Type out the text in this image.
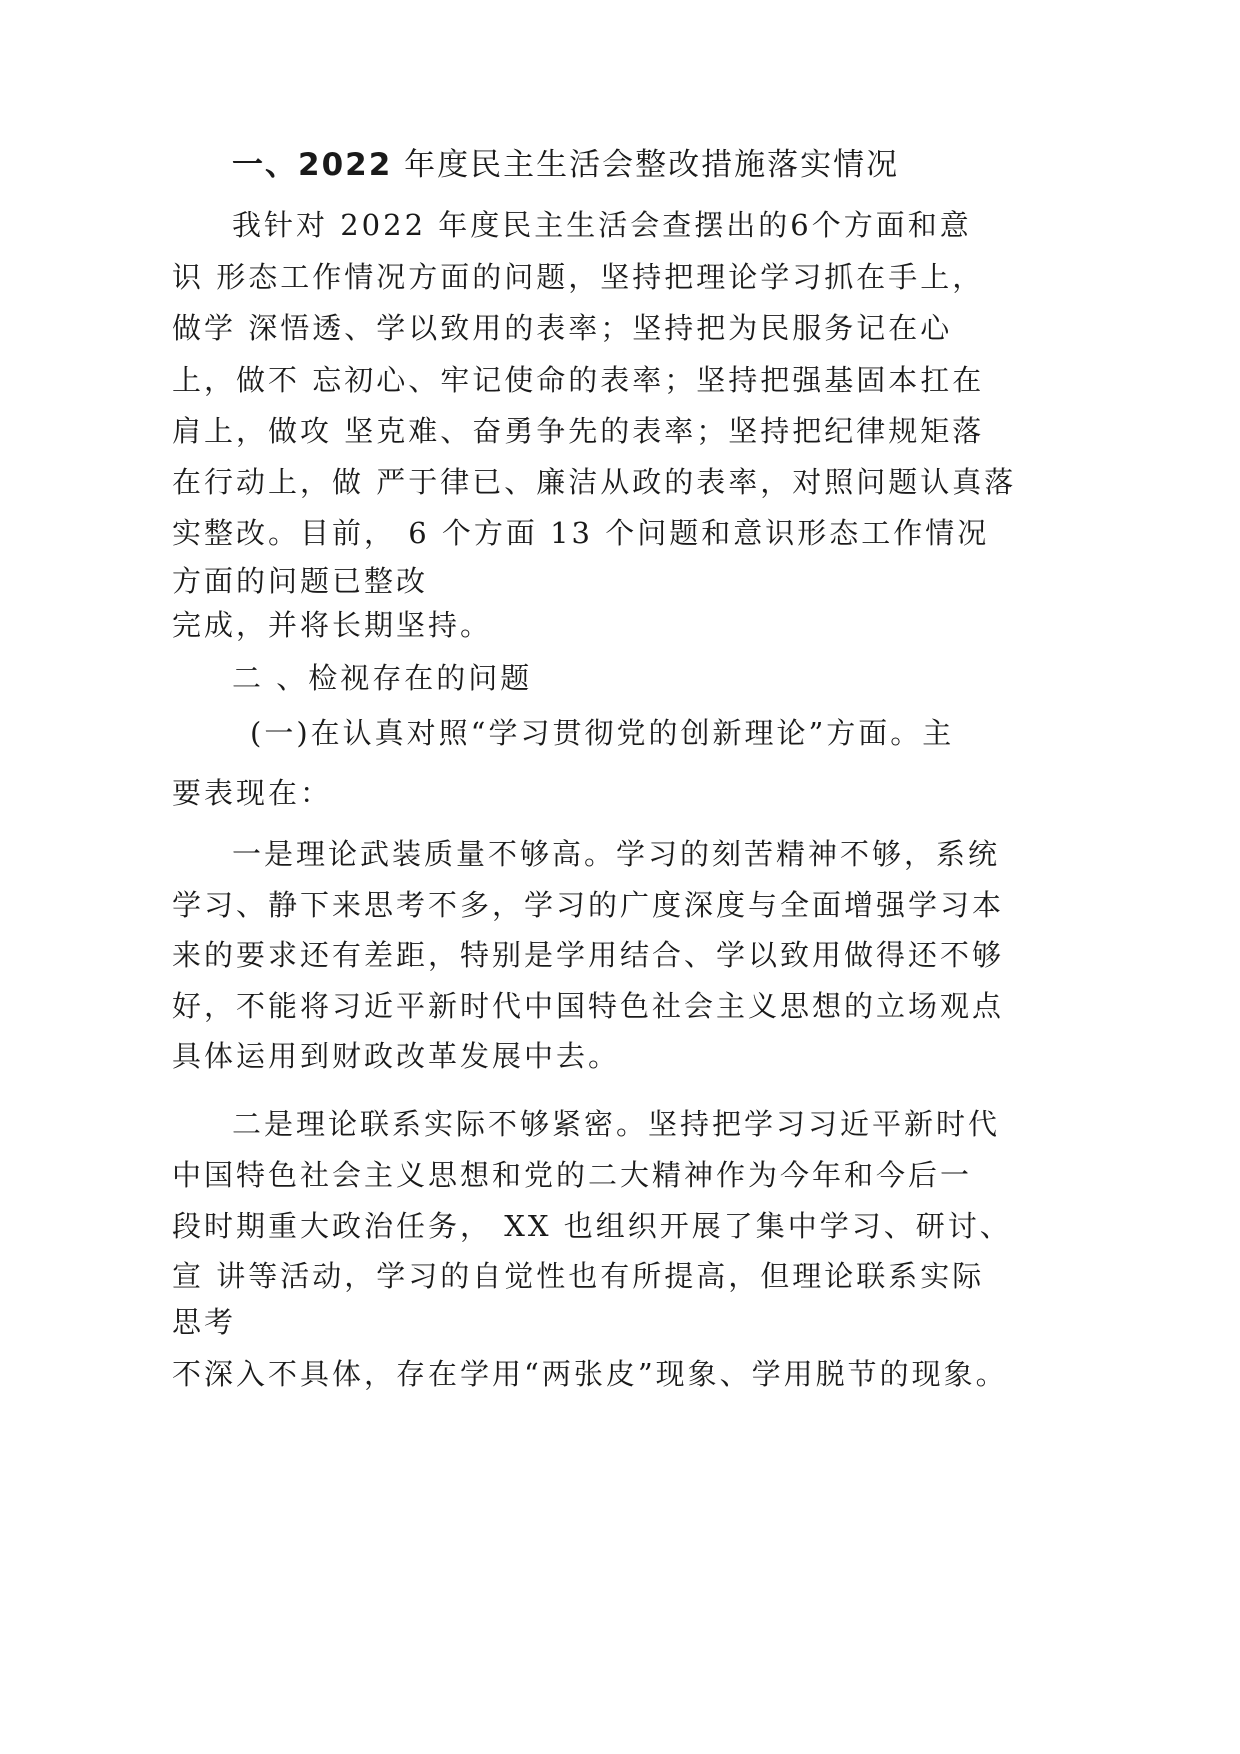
一、2022 年度民主生活会整改措施落实情况
我针对 2022 年度民主生活会查摆出的6个方面和意
识 形态工作情况方面的问题，坚持把理论学习抓在手上，
做学 深悟透、学以致用的表率；坚持把为民服务记在心
上，做不 忘初心、牢记使命的表率；坚持把强基固本扛在
肩上，做攻 坚克难、奋勇争先的表率；坚持把纪律规矩落
在行动上，做 严于律已、廉洁从政的表率，对照问题认真落
实整改。目前， 6 个方面 13 个问题和意识形态工作情况
方面的问题已整改
完成，并将长期坚持。
二 、检视存在的问题
(一)在认真对照“学习贯彻党的创新理论”方面。主
要表现在：
一是理论武装质量不够高。学习的刻苦精神不够，系统
学习、静下来思考不多，学习的广度深度与全面增强学习本
来的要求还有差距，特别是学用结合、学以致用做得还不够
好，不能将习近平新时代中国特色社会主义思想的立场观点
具体运用到财政改革发展中去。
二是理论联系实际不够紧密。坚持把学习习近平新时代
中国特色社会主义思想和党的二大精神作为今年和今后一
段时期重大政治任务， XX 也组织开展了集中学习、研讨、
宣 讲等活动，学习的自觉性也有所提高，但理论联系实际
思考
不深入不具体，存在学用“两张皮”现象、学用脱节的现象。
